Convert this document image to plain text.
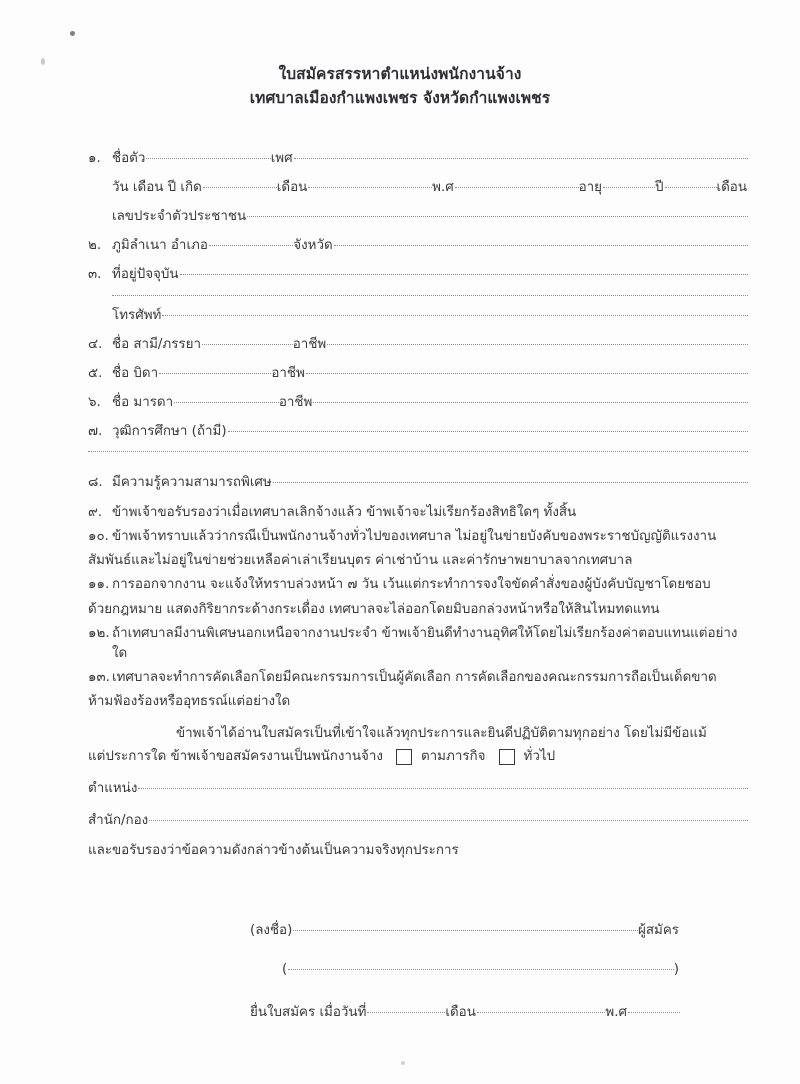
ใบสมัครสรรหาตำแหน่งพนักงานจ้าง
เทศบาลเมืองกำแพงเพชร จังหวัดกำแพงเพชร
๑. ชื่อตัว	เพศ
วัน เดือน ปี เกิด	เดือน	พ.ศ	อายุ	ปี	เดือน
เลขประจำตัวประชาชน
๒. ภูมิลำเนา อำเภอ	จังหวัด
๓. ที่อยู่ปัจจุบัน
โทรศัพท์
๔. ชื่อ สามี/ภรรยา	อาชีพ
๕. ชื่อ บิดา	อาชีพ
๖. ชื่อ มารดา	อาชีพ
๗. วุฒิการศึกษา (ถ้ามี)
๘. มีความรู้ความสามารถพิเศษ
๙. ข้าพเจ้าขอรับรองว่าเมื่อเทศบาลเลิกจ้างแล้ว ข้าพเจ้าจะไม่เรียกร้องสิทธิใดๆ ทั้งสิ้น
๑๐. ข้าพเจ้าทราบแล้วว่ากรณีเป็นพนักงานจ้างทั่วไปของเทศบาล ไม่อยู่ในข่ายบังคับของพระราชบัญญัติแรงงาน
สัมพันธ์และไม่อยู่ในข่ายช่วยเหลือค่าเล่าเรียนบุตร ค่าเช่าบ้าน และค่ารักษาพยาบาลจากเทศบาล
๑๑. การออกจากงาน จะแจ้งให้ทราบล่วงหน้า ๗ วัน เว้นแต่กระทำการจงใจขัดคำสั่งของผู้บังคับบัญชาโดยชอบ
ด้วยกฎหมาย แสดงกิริยากระด้างกระเดื่อง เทศบาลจะไล่ออกโดยมิบอกล่วงหน้าหรือให้สินไหมทดแทน
๑๒. ถ้าเทศบาลมีงานพิเศษนอกเหนือจากงานประจำ ข้าพเจ้ายินดีทำงานอุทิศให้โดยไม่เรียกร้องค่าตอบแทนแต่อย่างใด
๑๓. เทศบาลจะทำการคัดเลือกโดยมีคณะกรรมการเป็นผู้คัดเลือก การคัดเลือกของคณะกรรมการถือเป็นเด็ดขาด
ห้ามฟ้องร้องหรืออุทธรณ์แต่อย่างใด
ข้าพเจ้าได้อ่านใบสมัครเป็นที่เข้าใจแล้วทุกประการและยินดีปฏิบัติตามทุกอย่าง โดยไม่มีข้อแม้
แต่ประการใด ข้าพเจ้าขอสมัครงานเป็นพนักงานจ้าง	ตามภารกิจ	ทั่วไป
ตำแหน่ง
สำนัก/กอง
และขอรับรองว่าข้อความดังกล่าวข้างต้นเป็นความจริงทุกประการ
(ลงชื่อ)	ผู้สมัคร
(	)
ยื่นใบสมัคร เมื่อวันที่	เดือน	พ.ศ
